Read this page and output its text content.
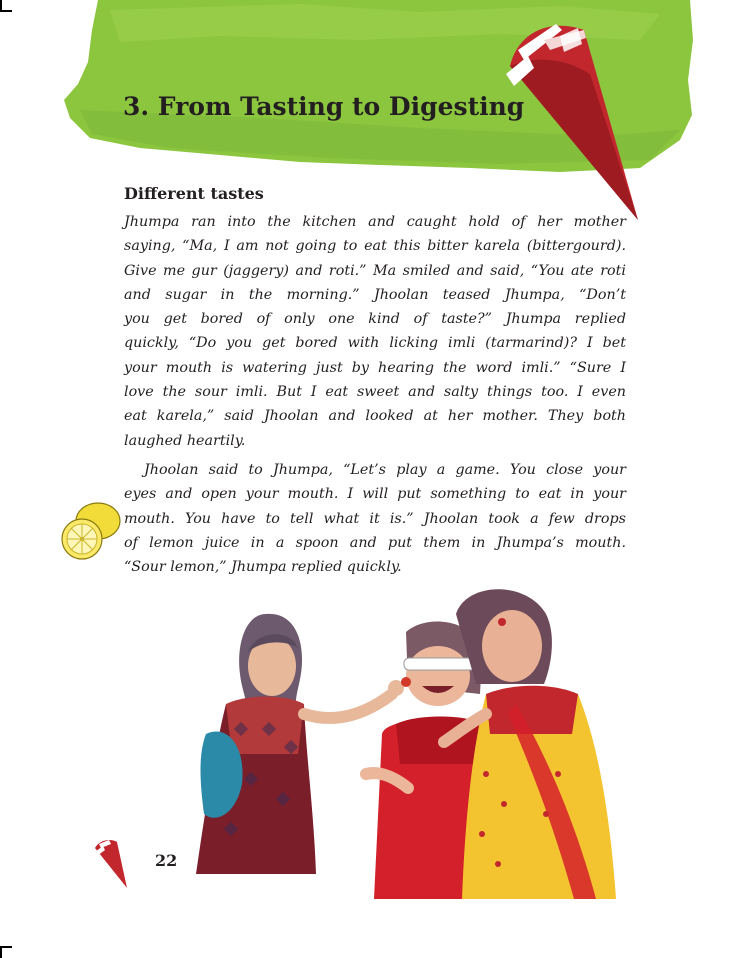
3. From Tasting to Digesting
Different tastes

Jhumpa ran into the kitchen and caught hold of her mother
saying, “Ma, I am not going to eat this bitter karela (bittergourd).
Give me gur (jaggery) and roti.” Ma smiled and said, “You ate roti
and sugar in the morning.” Jhoolan teased Jhumpa, “Don’t
you get bored of only one kind of taste?” Jhumpa replied
quickly, “Do you get bored with licking imli (tarmarind)? I bet
your mouth is watering just by hearing the word imli.” “Sure I
love the sour imli. But I eat sweet and salty things too. I even
eat karela,” said Jhoolan and looked at her mother. They both
laughed heartily.

Jhoolan said to Jhumpa, “Let’s play a game. You close your
eyes and open your mouth. I will put something to eat in your
mouth. You have to tell what it is.” Jhoolan took a few drops
of lemon juice in a spoon and put them in Jhumpa’s mouth.
“Sour lemon,” Jhumpa replied quickly.

22
